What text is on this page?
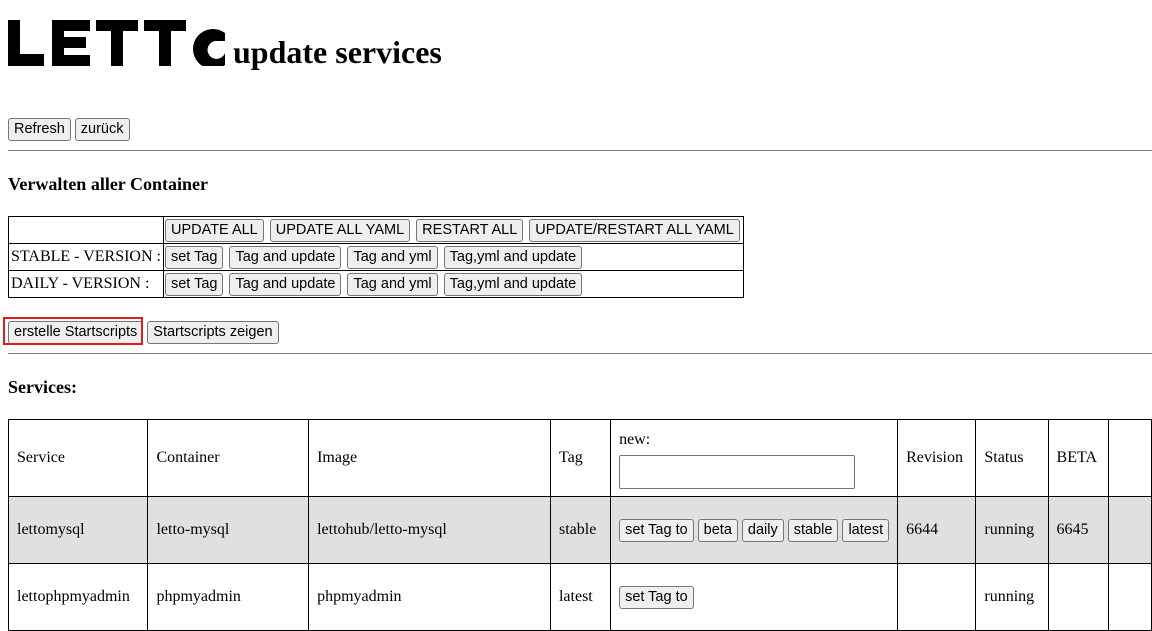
update services
Refresh	zurück
Verwalten aller Container
	UPDATE ALL UPDATE ALL YAML RESTART ALL UPDATE/RESTART ALL YAML
STABLE - VERSION :	set Tag Tag and update Tag and yml Tag,yml and update
DAILY - VERSION :	set Tag Tag and update Tag and yml Tag,yml and update
erstelle Startscripts	Startscripts zeigen
Services:
Service	Container	Image	Tag	new:	Revision	Status	BETA	
lettomysql	letto-mysql	lettohub/letto-mysql	stable	set Tag to beta daily stable latest	6644	running	6645	
lettophpmyadmin	phpmyadmin	phpmyadmin	latest	set Tag to		running		
